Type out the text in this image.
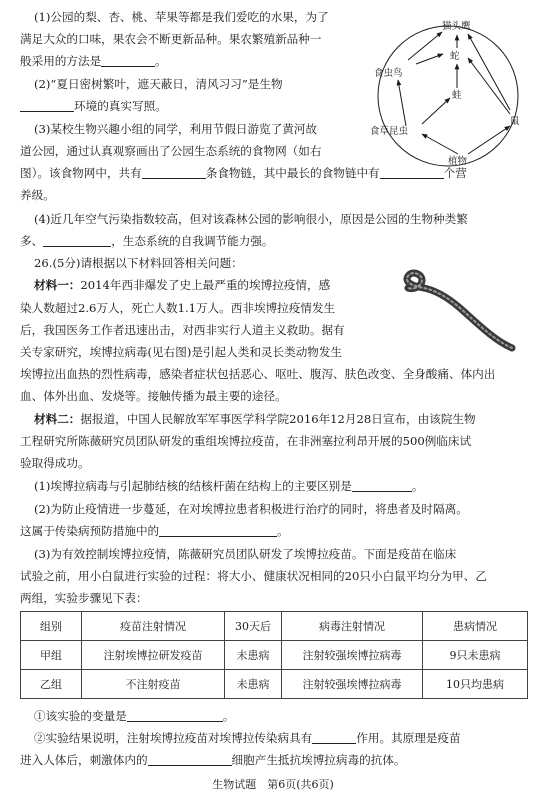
(1)公园的梨、杏、桃、苹果等都是我们爱吃的水果，为了

满足大众的口味，果农会不断更新品种。果农繁殖新品种一

般采用的方法是	。

(2)“夏日密树繁叶，遮天蔽日，清风习习”是生物

环境的真实写照。

(3)某校生物兴趣小组的同学，利用节假日游览了黄河故

道公园，通过认真观察画出了公园生态系统的食物网（如右

图）。该食物网中，共有	条食物链，其中最长的食物链中有	个营

养级。

(4)近几年空气污染指数较高，但对该森林公园的影响很小，原因是公园的生物种类繁

多、	，生态系统的自我调节能力强。

猫头鹰
蛇
食虫鸟
蛙
鼠
食草昆虫
植物

26.(5分)请根据以下材料回答相关问题：

材料一：2014年西非爆发了史上最严重的埃博拉疫情，感

染人数超过2.6万人，死亡人数1.1万人。西非埃博拉疫情发生

后，我国医务工作者迅速出击，对西非实行人道主义救助。据有

关专家研究，埃博拉病毒(见右图)是引起人类和灵长类动物发生

埃博拉出血热的烈性病毒，感染者症状包括恶心、呕吐、腹泻、肤色改变、全身酸痛、体内出

血、体外出血、发烧等。接触传播为最主要的途径。

材料二：据报道，中国人民解放军军事医学科学院2016年12月28日宣布，由该院生物

工程研究所陈薇研究员团队研发的重组埃博拉疫苗，在非洲塞拉利昂开展的500例临床试

验取得成功。

(1)埃博拉病毒与引起肺结核的结核杆菌在结构上的主要区别是	。

(2)为防止疫情进一步蔓延，在对埃博拉患者积极进行治疗的同时，将患者及时隔离。

这属于传染病预防措施中的	。

(3)为有效控制埃博拉疫情，陈薇研究员团队研发了埃博拉疫苗。下面是疫苗在临床

试验之前，用小白鼠进行实验的过程：将大小、健康状况相同的20只小白鼠平均分为甲、乙

两组，实验步骤见下表：

组别	疫苗注射情况	30天后	病毒注射情况	患病情况
甲组	注射埃博拉研发疫苗	未患病	注射较强埃博拉病毒	9只未患病
乙组	不注射疫苗	未患病	注射较强埃博拉病毒	10只均患病

①该实验的变量是	。

②实验结果说明，注射埃博拉疫苗对埃博拉传染病具有	作用。其原理是疫苗

进入人体后，刺激体内的	细胞产生抵抗埃博拉病毒的抗体。

生物试题　第6页(共6页)
